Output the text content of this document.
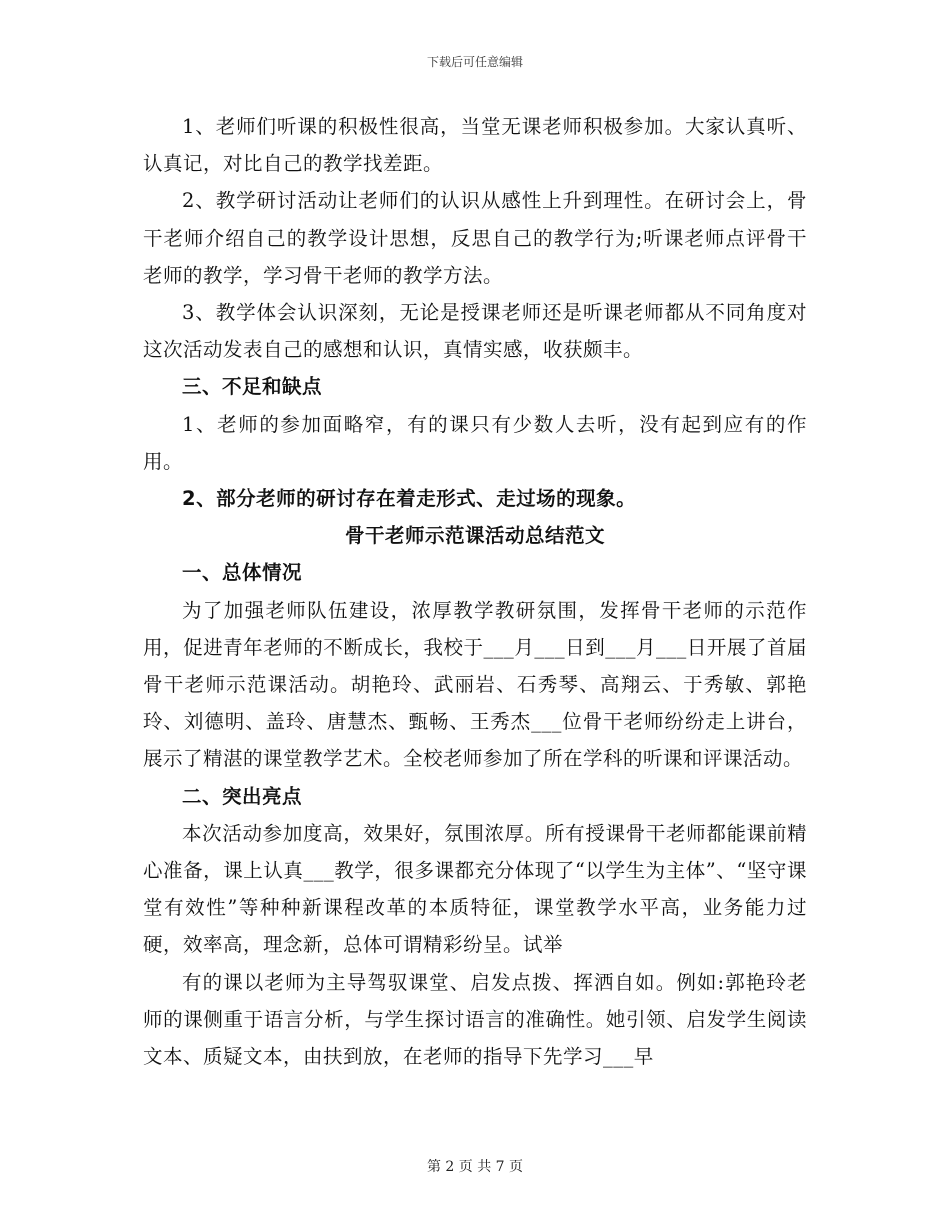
下载后可任意编辑

1、老师们听课的积极性很高，当堂无课老师积极参加。大家认真听、认真记，对比自己的教学找差距。

2、教学研讨活动让老师们的认识从感性上升到理性。在研讨会上，骨干老师介绍自己的教学设计思想，反思自己的教学行为;听课老师点评骨干老师的教学，学习骨干老师的教学方法。

3、教学体会认识深刻，无论是授课老师还是听课老师都从不同角度对这次活动发表自己的感想和认识，真情实感，收获颇丰。

三、不足和缺点

1、老师的参加面略窄，有的课只有少数人去听，没有起到应有的作用。

2、部分老师的研讨存在着走形式、走过场的现象。

骨干老师示范课活动总结范文

一、总体情况

为了加强老师队伍建设，浓厚教学教研氛围，发挥骨干老师的示范作用，促进青年老师的不断成长，我校于___月___日到___月___日开展了首届骨干老师示范课活动。胡艳玲、武丽岩、石秀琴、高翔云、于秀敏、郭艳玲、刘德明、盖玲、唐慧杰、甄畅、王秀杰___位骨干老师纷纷走上讲台，展示了精湛的课堂教学艺术。全校老师参加了所在学科的听课和评课活动。

二、突出亮点

本次活动参加度高，效果好，氛围浓厚。所有授课骨干老师都能课前精心准备，课上认真___教学，很多课都充分体现了“以学生为主体”、“坚守课堂有效性”等种种新课程改革的本质特征，课堂教学水平高，业务能力过硬，效率高，理念新，总体可谓精彩纷呈。试举

有的课以老师为主导驾驭课堂、启发点拨、挥洒自如。例如:郭艳玲老师的课侧重于语言分析，与学生探讨语言的准确性。她引领、启发学生阅读文本、质疑文本，由扶到放，在老师的指导下先学习___早

第 2 页 共 7 页
